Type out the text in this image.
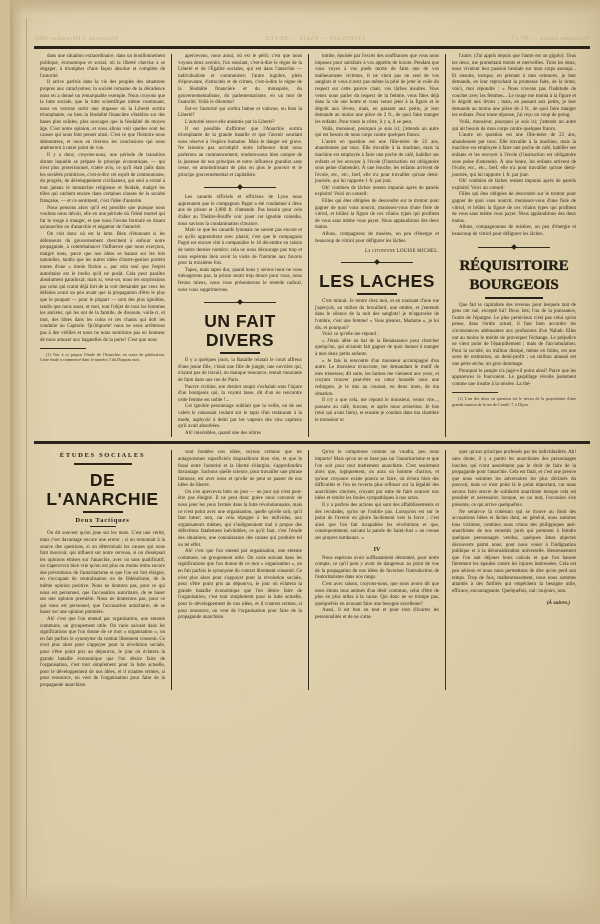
Troisième Année — N° 17
LYONNAIS — PARIS — REVUE
Dimanche 2 Décembre 1883

dans une situation extraordinaire, dans un bouillonnement politique, économique et social, où la liberté cherche à se dégager, à triompher d'une façon absolue et complète de l'autorité.

Il arrive parfois dans la vie des peuples des situations propres aux cataclysmes; la société romaine de la décadence nous en a donné un remarquable exemple. Nous croyons que la lutte sociale, que la lutte scientifique même continuant, nous en verrons sortir une impasse où la Liberté sortira triomphante, ou bien la féodalité financière s'établira sur des bases plus solides, plus sauvages que la féodalité du moyen âge. C'est notre opinion, et nous allons voir quelles sont les causes qui nous font penser ainsi. C'est ce que l'histoire nous démontrera, et nous en tirerons les conclusions qui nous amèneront à notre point de vue.

Il y a donc, croyons-nous, une période de transition durant laquelle se prépare le principe économique, — qui n'est plus protectionnel, n'aère avis, ce qu'il était jadis dans les sociétés primitives, c'est-à-dire cet esprit de communisme, du progrès, de développement civilisateur, qui seul a existé à tout jamais le monarchie religieuse et féodale, malgré les tôles qui cachent encore dans certaines classes de la société française, — et ce sentiment, c'est l'idée d'autorité.

Nous pensons alors qu'il est possible que puisque nous voulons nous dévoir, elle en une période où l'idéal mortel qui fut le rouge à manger, et que nous l'avons formulé en disant qu'anarchie ou d'anarchie et négateur de l'autorité.

On voit donc où est la lutte. Rien d'étonnant si les défenseurs du gouvernement cherchent à enfouir notre propagande, à contrebalancer l'influence que nous exerçons, malgré nous, parce que nos idées se basant sur les lois naturelles, tandis que les autres idées d'outre-gestion portent toutes d'une « ironie fiction », par cela seul que l'esprit autoritaire est le brelin qu'il ne posât. Cela peut paraître absolument paradoxal; mais si, veut-on, nous les surprissions par celui qui craint déjà fort de la voir demander par ceux les défaites avant un peu avant que la propagation d'être le plus que le poupart — pour le plupart — sont des plus ignobles, tandis que nous aussi, et moi, tout l'objet de tous les hommes les anciens; qui les ont de la famille, de dissoute, voilà-ci, et mot, des hôtes dans les coins et ces chants qui doit les conduire au Capitole. Qu'importe! nous ne nous arrêterons pas à des vétilles et nous ne nous sentirions pas en honneur de nous amuser aux bagatelles de la porte! C'est que nous

(1) Voir à ce propos l'étude de l'Anarchie, en cours de publication. Cette étude a commencé dans le numéro 3 du Drapeau noir.

apercevons, nous aussi, où est le péril; c'est que nous voyons deux avenirs, l'un souriant, c'est-à-dire le règne de la Liberté et de l'Égalité sociales, qui est dans l'anarchie — individualiste et communiste; l'autre lugubre, plein d'épouvante, d'atrocités et de crimes, c'est-à-dire le règne de la féodalité financière et du monopole, du gouvernementalisme, du parlementarisme, en un mot de l'autorité. Voilà le dilemme!

Est-ce l'autorité qui sortira battue et vaincue, ou bien la Liberté?

L'autorité sera-t-elle anéantie par la Liberté?

Il est possible d'affirmer que l'Anarchie sortira triomphante de la grande bataille et que l'avenir souriant nous réserve à l'espèce humaine. Mais le danger est grave. Ne laissons pas accomplir notre influence dont nous parlerons au commencement; rendons-nous bien compte de la justesse de nos principes et notre influence grandira sans cesse, en amoindrissant de plus en plus le pouvoir et le principe gouvernemental et capitaliste.

Les canards officiels et officieux de Lyon nous apprennent que le compagnon Pagot a été condamné à deux ans de prison et 3,000 fr. d'amende. Pas besoin pour cela d'aller au Théâtre-Bouffe voir jouer cet ignoble comédie, nous savions la condamnation d'avance.

Mais ce que les canards lyonnais ne savent pas encore et ce qu'ils apprendront avec plaisir, c'est que le compagnon Pagot est encore cité à comparaître le 10 décembre en raison de notre dernier numéro; cela ne nous décourage pas trop et nous espérons bien avoir la visite de l'homme aux favoris pour la troisième fois.

Tapez, mais tapez dur, quand nous y serons nous ne vous ménagerons pas, la prison serait trop douce pour vous, nous ferons mieux, nous vous présenterons le remède radical, nous vous supprimerons.

UN FAIT DIVERS

Il y a quelques jours, la Bataille relatait le court affreux d'une jeune fille, c'était une fille de jungle, une ouvrière qui, n'ayant pas de travail, ou manque ressource, tentait mourante de faim dans une rue de Paris.

Pauvre victime, son dernier soupir s'exhalait sous l'injure d'un bourgeois qui, la voyant lasse, dit d'un ne rencontre cette femme est noble !...

Cet ignoble personnage oubliait que la veille, un de ses valets le ramassait roulant sur le tapis d'un restaurant à la mode, asphyxié à demi par les vapeurs des vins capiteux qu'il avait absorbées.

Ah! misérables, quand une des nôtres

tombe, épuisée par l'excès des souffrances que vous nous imposez pour satisfaire à vos appétits de luxure. Pendant que vous voyez à vos pieds morte de faim une de vos malheureuses victimes, il ne vient pas un seul de vos sanglots et vous n'avez pas même la pitié de jeter le voile du respect sur cette pauvre chair, vos lâches insultes. Vous venez nous parler du respect de la femme, vous fûtes déjà dans la vie une honte et vous venez jeter à la figure et le dégoût aux lèvres; mais, en passant aux petits, je leur demande au moins une pièce de 2 fr., de quoi faire manger les enfants. Pour toute la vôtre, il y a, il se peut.

Voilà, monsieur, pourquoi je suis ici; j'attends un autre qui est besoin de nous corps contre quelques francs.

L'autre en question est une fille-mère de 22 ans, abandonnée par tous. Elle travaille à la machine, mais la machine est employée à faire une poche de café, habiller ses enfants et les envoyer à l'école (l'instruction est obligatoire sous peine d'amende). À une bouche, les enfants arrivent de l'école, etc., etc., bref, elle n'a pour travailler qu'une demi-journée, qui lui rapporte 1 fr. par jour.

Oh! combien de lâches restent impunis après de pareils exploits! Voici un conseil:

Filles qui êtes obligées de descendre sur le trottoir pour gagner de quoi vous nourrir, munissez-vous d'une fiole de vitriol, et brûlez la figure de ces vilains types qui profitent de vous sans même vous payer. Nous applaudirons des deux mains.

Allons, compagnons de misères, un peu d'énergie et beaucoup de vitriol pour défigurer les lâches.

La citoyenne LOUISE MICHEL.

LES LACHES

C'est minuit. Je rentre chez moi, et en tournant d'une rue j'aperçois, au milieu du brouillard, une ombre, et j'entends dans le silence de la nuit des sanglots! je m'approche de l'ombre, c'est une femme! « Vous pleurez, Madame », je lui dis, et pourquoi?

Voici ce qu'elle me répond :

« J'étais allée au bal de la Renaissance pour chercher quelqu'un, qui m'aurait fait gagner de quoi donner à manger à mes deux petits enfants.

« Je fais la rencontre d'un monsieur accompagné d'un autre. Le monsieur m'accoste, me demandant le motif de mes tristesses; dit suite, les larmes me viennent aux yeux, et croyant trouver peut-être un cœur honnête sous une redingote, je le mis au courant, en deux mots, de ma situation.

Il n'y a que cela, me répond le monsieur, venez vite..., passons au café, buvons, et après nous aviserons. Je bus (moi qui avais faim), et ensuite je conduis dans ma chambre le monsieur et

l'autre. (J'ai appris depuis que l'autre est un gigolo). Tous les deux, me promettant monts et merveilles. Trois les deux, nous vivaient leur passion bestiale sur mon corps assoupi... Et ensuite, lorsque, en prenant à mes ceintures, je leur demande, en leur reprochant la promesse faite, de la brute, voici, moi répondre : « Nous n'avons pas l'habitude de coucher avec les femmes... Le rouge me monta à la figure et le dégoût aux lèvres ; mais, en passant aux petits, je leur demande au moins une pièce de 2 fr., de quoi faire manger les enfants. Pour toute réponse, j'ai reçu un coup de poing.

Voilà, monsieur, pourquoi je suis ici; j'attends un autre qui ait besoin de mon corps contre quelques francs.

L'autre en question est une fille-mère de 22 ans, abandonnée par tous. Elle travaille à la machine, mais la machine est employée à faire une poche de café, habiller ses enfants et les envoyer à l'école (l'instruction est obligatoire sous peine d'amende). À une heure, les enfants arrivent de l'école, etc., etc., bref, elle n'a pour travailler qu'une demi-journée, qui lui rapporte 1 fr. par jour.

Oh! combien de lâches restent impunis après de pareils exploits! Voici un conseil:

Filles qui êtes obligées de descendre sur le trottoir pour gagner de quoi vous nourrir, munissez-vous d'une fiole de vitriol, et brûlez la figure de ces vilains types qui profitent de vous sans même vous payer. Nous applaudirons des deux mains.

Allons, compagnonnes de misères, un peu d'énergie et beaucoup de vitriol pour défigurer les lâches.

RÉQUISITOIRE BOURGEOIS

Que fait le capitaliste des revenus pour lesquels tant de gens ont sué, excepté lui? Deux lots; l'un de la jouissance, l'autre de l'épargne. Le plus pernicieux n'est pas celui qu'on pense, dans l'ordre actuel, il faut bien accorder les circonstances atténuantes aux profusions d'un Nabab. Elles ont au moins le mérite de provoquer l'échange. Le préjudice ne vient point de l'éparpillement ; mais de l'accumulation. Pour la société, un million dissipé, même en folies, est une sorte de restitution, un demi-profit ; un million amassé est une perte sèche, un gros dommage.

Pourquoi le peuple n'a jugé-t-il point ainsi? Parce que les apparences le fourvoient. Le gaspillage révolte justement comme une insulte à la misère. La thé-

(1) L'un des deux en question est le neveu de la propriétaire d'une grande maison de la rue de Condé, 7, à Dijon.

ÉTUDES SOCIALES
DE L'ANARCHIE
Deux Tactiques

On dit souvent qu'on joue sur les mots. C'est une vérité, mais c'est davantage encore une erreur ; si on remontait à la source des questions, si on déterminait les causes qui nous font mouvoir, qui influent sur notre cerveau, si on disséquait les opinions émises sur l'anarchie, avec ou sans qualificatif, on s'apercevra bien vite qu'on est plus ou moins imbu encore des préventions de l'autoritarisme et que l'on est fort éloigné, en s'occupant de centralisation ou de fédéralisme, de la même opinion positive. Nous ne doutons pas, pour ce qui nous est personnel, que l'accusation autoritaire, de se baser sur une opinion première. Nous ne douterons pas, pour ce qui nous est personnel, que l'accusation autoritaire, de se baser sur une opinion première.

Ah! c'est que l'on entend par organisation, une entente commune, un groupement utile. On varie suivant dans les significations que l'on donne de ce mot « organisation », on en fait parfois le synonyme du contrat librement consenti. Ce n'est plus alors pour s'appuyer pour la révolution sociale, pour s'être point pris au dépourvu, le jour où éclatera la grande bataille économique que l'on désire faire de l'organisation, c'est tout simplement pour la lutte actuelle, pour le développement de nos idées, et il n'autres termes, si pour ressource, on veut de l'organisation pour faire de la propagande anarchiste.

sont fondées nos idées, soyons certains que les antagonismes superficiels disparaîtront bien vite, et que le fossé entre l'autorité et la liberté s'élargira, s'approfondira davantage. Sachons quelle science, pour travailler une phrase fameuse, est avec nous et qu'elle ne peut se passer de nos idées de liberté.

On s'en apercevra bien un jour — un jour qui n'est peut-être pas éloigné. Il ne peut donc guère nous convenir de nous jeter les yeux fermés dans la lutte révolutionnaire, mais ce n'est point avec une organisation, quelle qu'elle soit, qu'il faut lutter; non, car cela répugne à les individus, aux organisateurs mêmes, qui s'indigneraient mal à propos des défections fatalement inévitables; ce qu'il faut, c'est l'étude des situations, une connaissance des causes qui produire tel ou tel effet.

Ah! c'est que l'on entend par organisation, une entente commune, un groupement utile. On varie suivant dans les significations que l'on donne de ce mot « organisation », on en fait parfois le synonyme du contrat librement consenti. Ce n'est plus alors pour s'appuyer pour la révolution sociale, pour s'être point pris au dépourvu, le jour où éclatera la grande bataille économique que l'on désire faire de l'organisation, c'est tout simplement pour la lutte actuelle, pour le développement de nos idées, et il n'autres termes, si pour ressource, on veut de l'organisation pour faire de la propagande anarchiste.

Qu'on le comprenne comme on voudra, peu nous importe! Mais qu'on ne se base pas sur l'autoritarisme et que l'on soit pour tout mettement anarchiste. C'est seulement alors que, logiquement, on aura un homme d'action, et qu'une croyance existe pourra se faire, où éclora bien des difficultés et l'on ne reverra plus reflouer sur la légalité des anarchistes sincères, croyant par suite de faire avancer nos idées et rendre les foules sympathiques à nos actes.

Il y a parfois des actions qui sont des affaiblissements et des reculades, qu'on ne l'oublie pas. Lorsqu'on est sur le point de l'avenir en gloire facilement vers la force ; c'est ainsi que l'on fait incapables les révolutions et que, conséquemment, suivant la parole de Saint-Just « on creuse ses propres tombeaux. »

IV

Nous espérons avoir suffisamment démontré, pour notre compte, ce qu'il peut y avoir de dangereux au point de vue de la propagation de nos idées de favoriser l'introduction de l'autoritarisme dans nos rangs.

C'est avec raison, croyons-nous, que nous avons dit que nous étions tous animés d'un désir commun, celui d'être de plus en plus utiles à la cause. Qui donc ne se trompe pas, quelquefois en avouant faire une besogne excellente?

Aussi, il est bon en tout et pour tout d'écarter les personnalités et de ne s'atta-

quer qu'aux principes professés par les individualités. Ah! sans doute, il y a parmi les anarchistes des personnages louches qui n'ont assurément pas le droit de faire de la propagande pour l'anarchie. Cela est fatal, et c'est une preuve que nous sommes les adversaires les plus déclarés du pouvoir, mais ce n'est point là le point important, car nous savons faire œuvre de solidarité anarchiste lorsque cela est possible et nécessaire; lorsque, en un mot, l'occasion s'en présente, ce qui arrive quelquefois.

Ne serait-ce là cohésion qui se trouve au fond des accusations bêtes et lâches dont, en général, nous sommes lous victimes, combien nous crions des philippiques anti-anarchistes de nos ennemis jurés qui prennent à feindre quelques personnages vendus, quelques âmes abjectes découverts parmi nous, pour nous vouer à l'indignation publique et à la déconsidération universelle. Heureusement que l'on sait déjouer leurs calculs et que l'on hausse fièrement les épaules contre les injures intéressées. Cela est peu sérieux et nous nous permettons de dire qu'on perd son temps. Trop de fois, malheureusement, nous nous sommes attardés à des futilités qui empêchent la besogne utile, efficace, encourageante. Quelquefois, oui; toujours, non.

(À suivre.)
